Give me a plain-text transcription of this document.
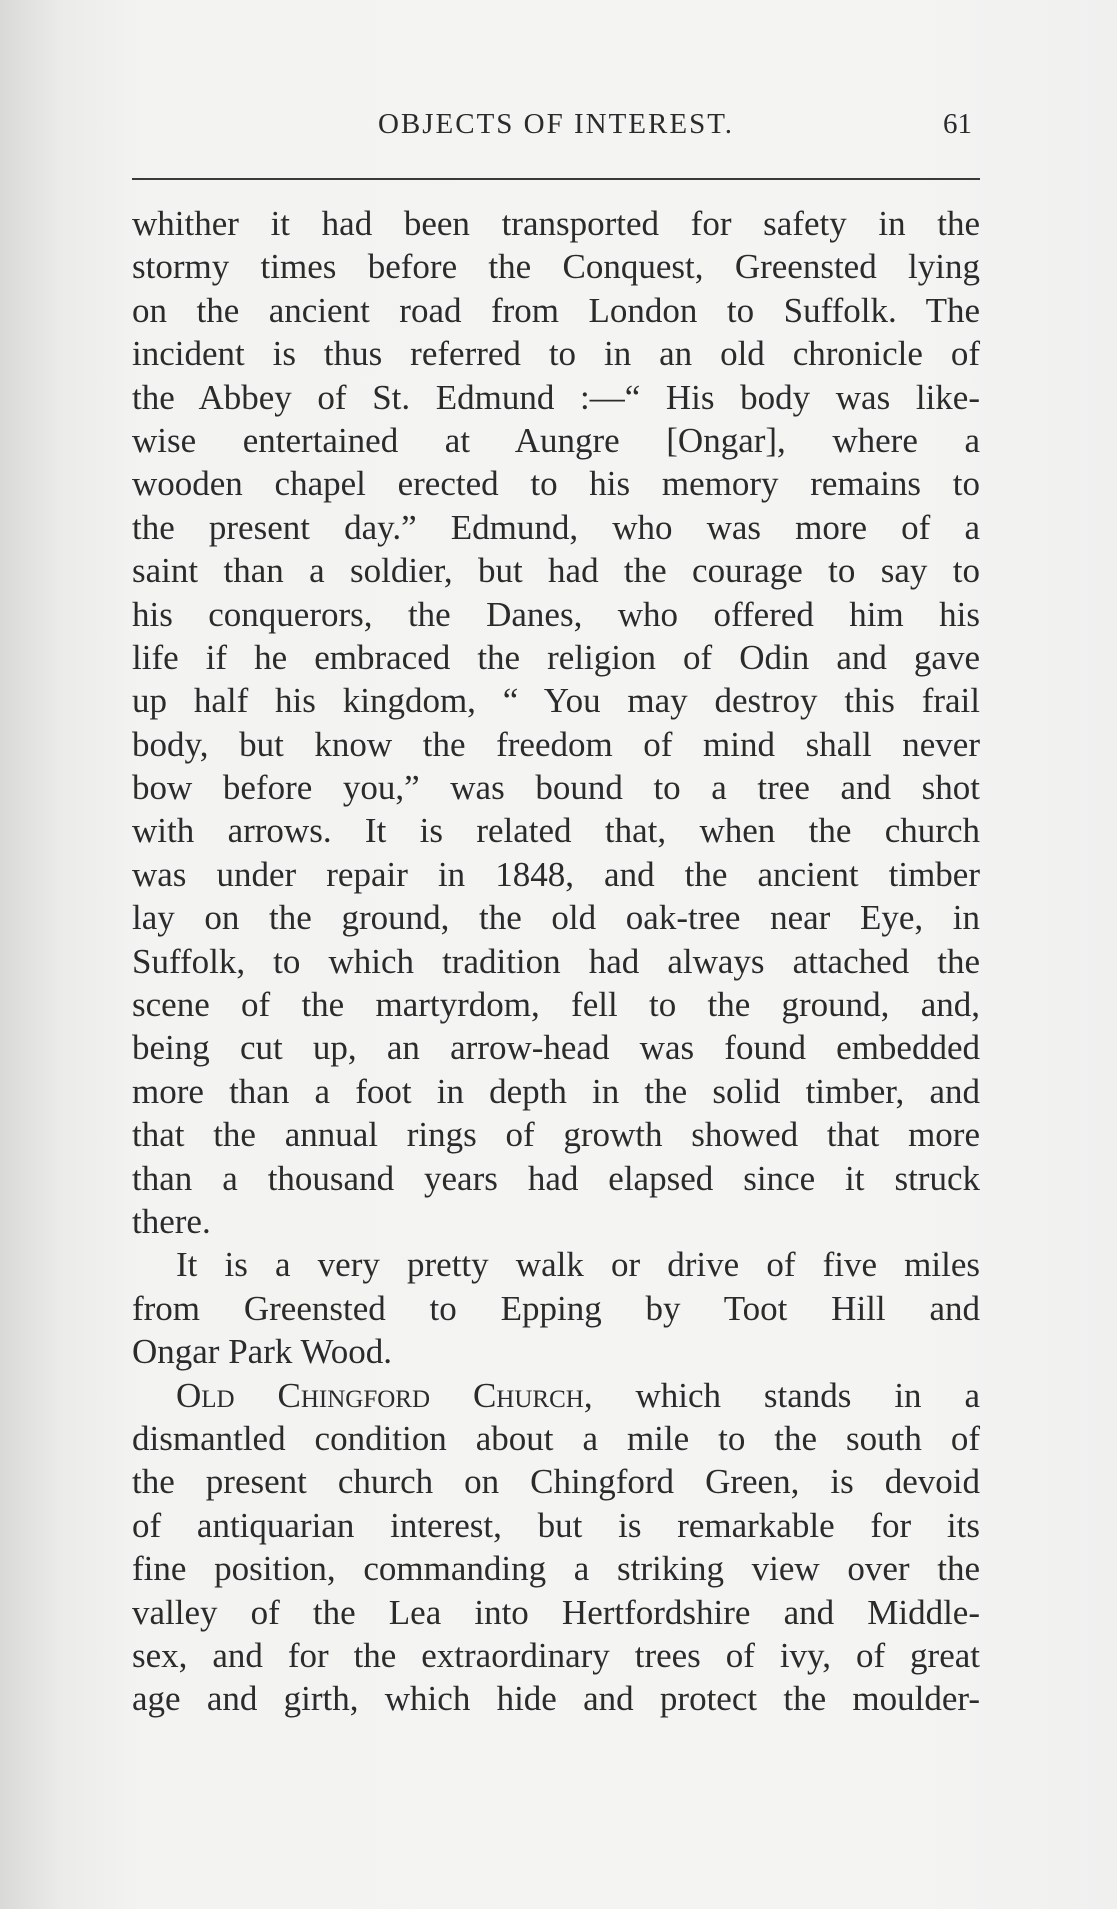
OBJECTS OF INTEREST.	61
whither it had been transported for safety in the
stormy times before the Conquest, Greensted lying
on the ancient road from London to Suffolk. The
incident is thus referred to in an old chronicle of
the Abbey of St. Edmund :—“ His body was like-
wise entertained at Aungre [Ongar], where a
wooden chapel erected to his memory remains to
the present day.” Edmund, who was more of a
saint than a soldier, but had the courage to say to
his conquerors, the Danes, who offered him his
life if he embraced the religion of Odin and gave
up half his kingdom, “ You may destroy this frail
body, but know the freedom of mind shall never
bow before you,” was bound to a tree and shot
with arrows. It is related that, when the church
was under repair in 1848, and the ancient timber
lay on the ground, the old oak-tree near Eye, in
Suffolk, to which tradition had always attached the
scene of the martyrdom, fell to the ground, and,
being cut up, an arrow-head was found embedded
more than a foot in depth in the solid timber, and
that the annual rings of growth showed that more
than a thousand years had elapsed since it struck
there.
It is a very pretty walk or drive of five miles
from Greensted to Epping by Toot Hill and
Ongar Park Wood.
Old Chingford Church, which stands in a
dismantled condition about a mile to the south of
the present church on Chingford Green, is devoid
of antiquarian interest, but is remarkable for its
fine position, commanding a striking view over the
valley of the Lea into Hertfordshire and Middle-
sex, and for the extraordinary trees of ivy, of great
age and girth, which hide and protect the moulder-
